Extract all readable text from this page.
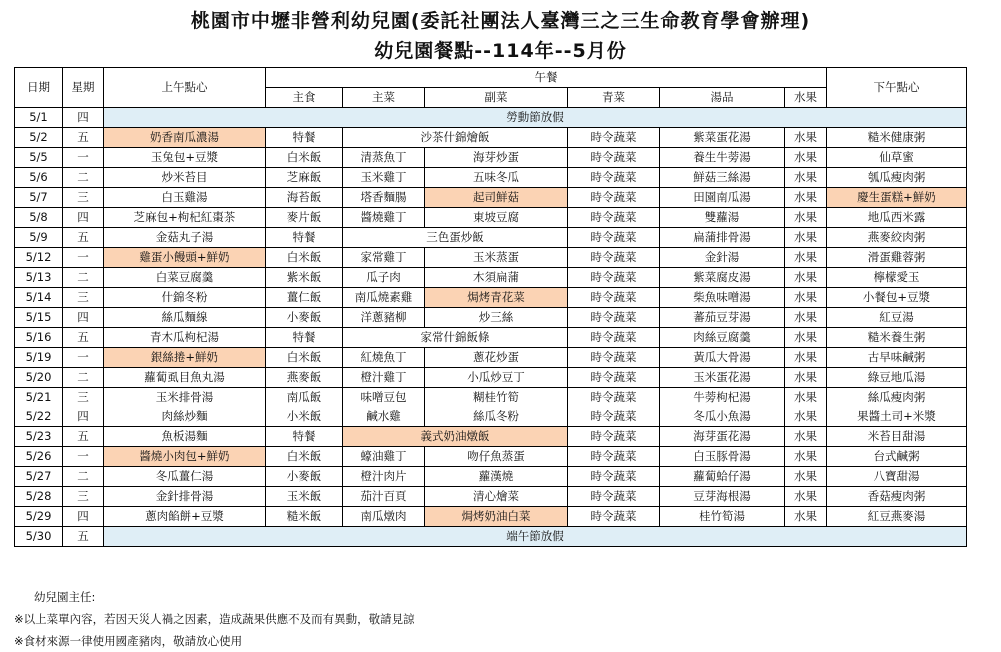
桃園市中壢非營利幼兒園(委託社團法人臺灣三之三生命教育學會辦理)
幼兒園餐點--114年--5月份
日期	星期	上午點心	午餐						下午點心
			主食	主菜	副菜	青菜	湯品	水果	
5/1	四	勞動節放假							
5/2	五	奶香南瓜濃湯	特餐	沙茶什錦燴飯		時令蔬菜	紫菜蛋花湯	水果	糙米健康粥
5/5	一	玉兔包+豆漿	白米飯	清蒸魚丁	海芽炒蛋	時令蔬菜	養生牛蒡湯	水果	仙草蜜
5/6	二	炒米苔目	芝麻飯	玉米雞丁	五味冬瓜	時令蔬菜	鮮菇三絲湯	水果	瓠瓜瘦肉粥
5/7	三	白玉雞湯	海苔飯	塔香麵腸	起司鮮菇	時令蔬菜	田園南瓜湯	水果	慶生蛋糕+鮮奶
5/8	四	芝麻包+枸杞紅棗茶	麥片飯	醬燒雞丁	東坡豆腐	時令蔬菜	雙蘿湯	水果	地瓜西米露
5/9	五	金菇丸子湯	特餐	三色蛋炒飯		時令蔬菜	扁蒲排骨湯	水果	燕麥絞肉粥
5/12	一	雞蛋小饅頭+鮮奶	白米飯	家常雞丁	玉米蒸蛋	時令蔬菜	金針湯	水果	滑蛋雞蓉粥
5/13	二	白菜豆腐羹	紫米飯	瓜子肉	木須扁蒲	時令蔬菜	紫菜腐皮湯	水果	檸檬愛玉
5/14	三	什錦冬粉	薑仁飯	南瓜燒素雞	焗烤青花菜	時令蔬菜	柴魚味噌湯	水果	小餐包+豆漿
5/15	四	絲瓜麵線	小麥飯	洋蔥豬柳	炒三絲	時令蔬菜	蕃茄豆芽湯	水果	紅豆湯
5/16	五	青木瓜枸杞湯	特餐	家常什錦飯條		時令蔬菜	肉絲豆腐羹	水果	糙米養生粥
5/19	一	銀絲捲+鮮奶	白米飯	紅燒魚丁	蔥花炒蛋	時令蔬菜	黃瓜大骨湯	水果	古早味鹹粥
5/20	二	蘿蔔虱目魚丸湯	燕麥飯	橙汁雞丁	小瓜炒豆丁	時令蔬菜	玉米蛋花湯	水果	綠豆地瓜湯
5/21	三	玉米排骨湯	南瓜飯	味噌豆包	糊桂竹筍	時令蔬菜	牛蒡枸杞湯	水果	絲瓜瘦肉粥
5/22	四	肉絲炒麵	小米飯	鹹水雞	絲瓜冬粉	時令蔬菜	冬瓜小魚湯	水果	果醬土司+米漿
5/23	五	魚板湯麵	特餐	義式奶油燉飯		時令蔬菜	海芽蛋花湯	水果	米苔目甜湯
5/26	一	醬燒小肉包+鮮奶	白米飯	蠔油雞丁	吻仔魚蒸蛋	時令蔬菜	白玉豚骨湯	水果	台式鹹粥
5/27	二	冬瓜薑仁湯	小麥飯	橙汁肉片	蘿漢燒	時令蔬菜	蘿蔔蛤仔湯	水果	八寶甜湯
5/28	三	金針排骨湯	玉米飯	茄汁百頁	清心燴菜	時令蔬菜	豆芽海根湯	水果	香菇瘦肉粥
5/29	四	蔥肉餡餅+豆漿	糙米飯	南瓜燉肉	焗烤奶油白菜	時令蔬菜	桂竹筍湯	水果	紅豆燕麥湯
5/30	五	端午節放假							
幼兒園主任:
※以上菜單內容，若因天災人禍之因素，造成蔬果供應不及而有異動，敬請見諒
※食材來源一律使用國產豬肉，敬請放心使用
